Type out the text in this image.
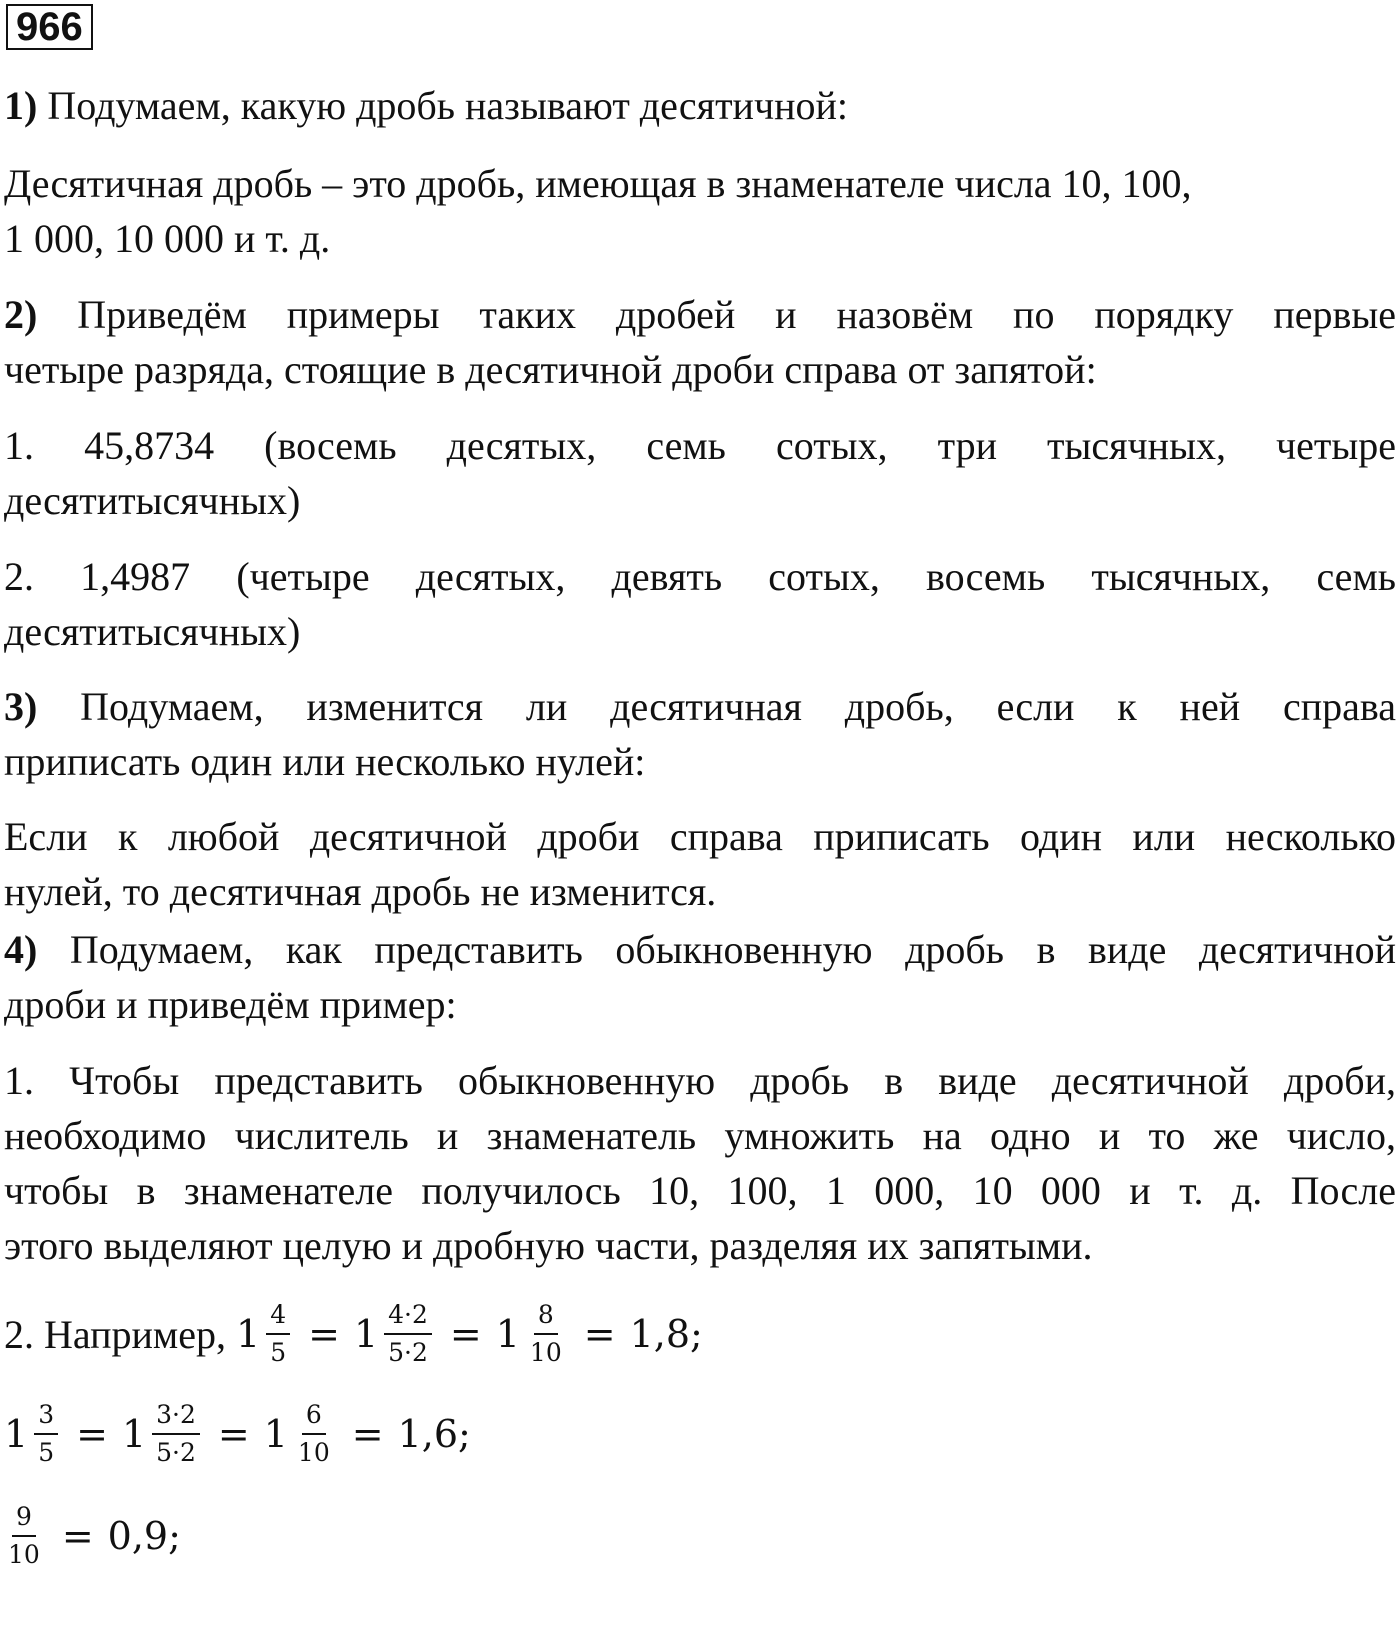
966

1) Подумаем, какую дробь называют десятичной:

Десятичная дробь – это дробь, имеющая в знаменателе числа 10, 100,
1 000, 10 000 и т. д.

2) Приведём примеры таких дробей и назовём по порядку первые
четыре разряда, стоящие в десятичной дроби справа от запятой:

1. 45,8734 (восемь десятых, семь сотых, три тысячных, четыре
десятитысячных)

2. 1,4987 (четыре десятых, девять сотых, восемь тысячных, семь
десятитысячных)

3) Подумаем, изменится ли десятичная дробь, если к ней справа
приписать один или несколько нулей:

Если к любой десятичной дроби справа приписать один или несколько
нулей, то десятичная дробь не изменится.

4) Подумаем, как представить обыкновенную дробь в виде десятичной
дроби и приведём пример:

1. Чтобы представить обыкновенную дробь в виде десятичной дроби,
необходимо числитель и знаменатель умножить на одно и то же число,
чтобы в знаменателе получилось 10, 100, 1 000, 10 000 и т. д. После
этого выделяют целую и дробную части, разделяя их запятыми.

2. Например, $1 \frac{4}{5} = 1 \frac{4\cdot 2}{5\cdot 2} = 1 \frac{8}{10} = 1,8$;
$1 \frac{3}{5} = 1 \frac{3\cdot 2}{5\cdot 2} = 1 \frac{6}{10} = 1,6$;
$\frac{9}{10} = 0,9$;
